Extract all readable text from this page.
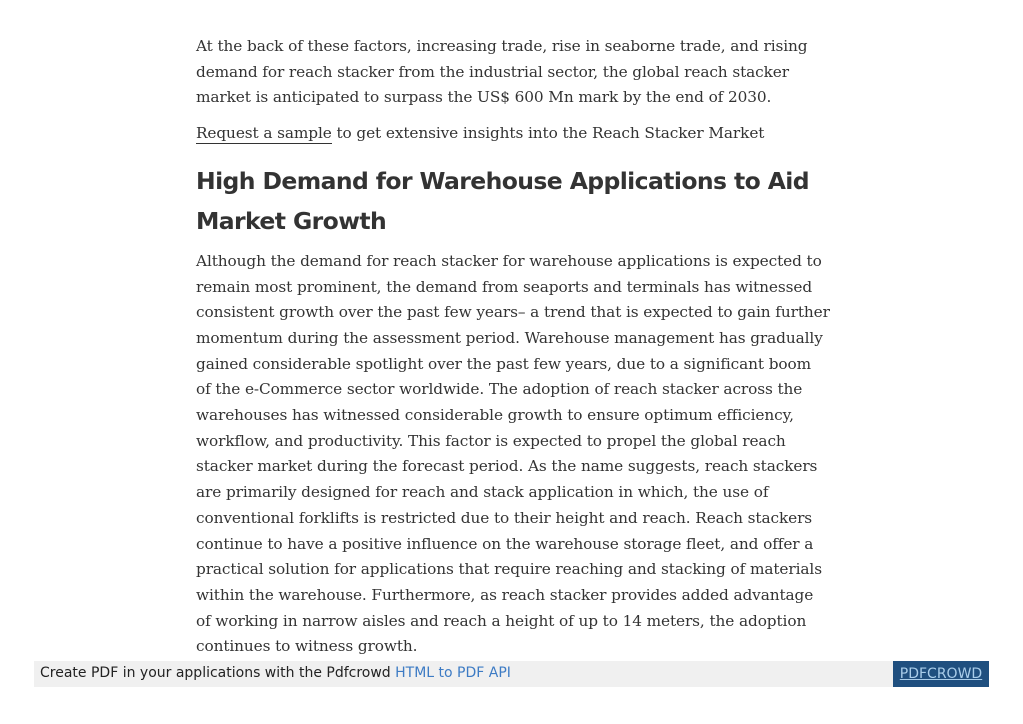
At the back of these factors, increasing trade, rise in seaborne trade, and rising demand for reach stacker from the industrial sector, the global reach stacker market is anticipated to surpass the US$ 600 Mn mark by the end of 2030.

Request a sample to get extensive insights into the Reach Stacker Market

High Demand for Warehouse Applications to Aid Market Growth

Although the demand for reach stacker for warehouse applications is expected to remain most prominent, the demand from seaports and terminals has witnessed consistent growth over the past few years– a trend that is expected to gain further momentum during the assessment period. Warehouse management has gradually gained considerable spotlight over the past few years, due to a significant boom of the e-Commerce sector worldwide. The adoption of reach stacker across the warehouses has witnessed considerable growth to ensure optimum efficiency, workflow, and productivity. This factor is expected to propel the global reach stacker market during the forecast period. As the name suggests, reach stackers are primarily designed for reach and stack application in which, the use of conventional forklifts is restricted due to their height and reach. Reach stackers continue to have a positive influence on the warehouse storage fleet, and offer a practical solution for applications that require reaching and stacking of materials within the warehouse. Furthermore, as reach stacker provides added advantage of working in narrow aisles and reach a height of up to 14 meters, the adoption continues to witness growth.

Create PDF in your applications with the Pdfcrowd HTML to PDF API	PDFCROWD
